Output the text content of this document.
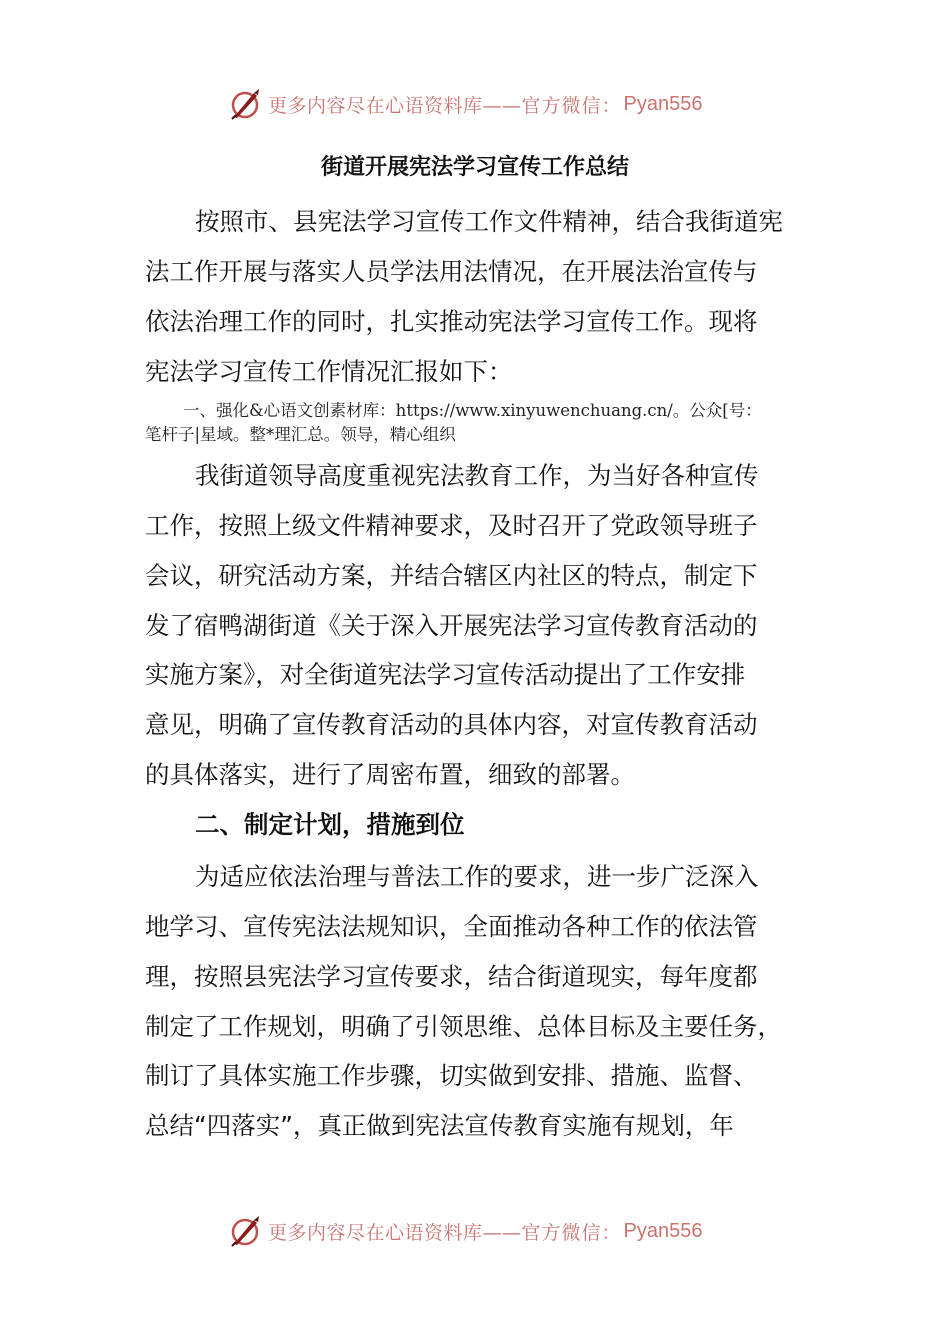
更多内容尽在心语资料库—— 官方微信： Pyan556
街道开展宪法学习宣传工作总结

按照市、县宪法学习宣传工作文件精神，结合我街道宪

法工作开展与落实人员学法用法情况，在开展法治宣传与

依法治理工作的同时，扎实推动宪法学习宣传工作。现将

宪法学习宣传工作情况汇报如下：

一、强化&心语文创素材库：https://www.xinyuwenchuang.cn/。公众[号：

笔杆子|星域。整*理汇总。领导，精心组织

我街道领导高度重视宪法教育工作，为当好各种宣传

工作，按照上级文件精神要求，及时召开了党政领导班子

会议，研究活动方案，并结合辖区内社区的特点，制定下

发了宿鸭湖街道《关于深入开展宪法学习宣传教育活动的

实施方案》，对全街道宪法学习宣传活动提出了工作安排

意见，明确了宣传教育活动的具体内容，对宣传教育活动

的具体落实，进行了周密布置，细致的部署。

二、制定计划，措施到位

为适应依法治理与普法工作的要求，进一步广泛深入

地学习、宣传宪法法规知识，全面推动各种工作的依法管

理，按照县宪法学习宣传要求，结合街道现实，每年度都

制定了工作规划，明确了引领思维、总体目标及主要任务，

制订了具体实施工作步骤，切实做到安排、措施、监督、

总结“四落实”，真正做到宪法宣传教育实施有规划，年

更多内容尽在心语资料库—— 官方微信： Pyan556
